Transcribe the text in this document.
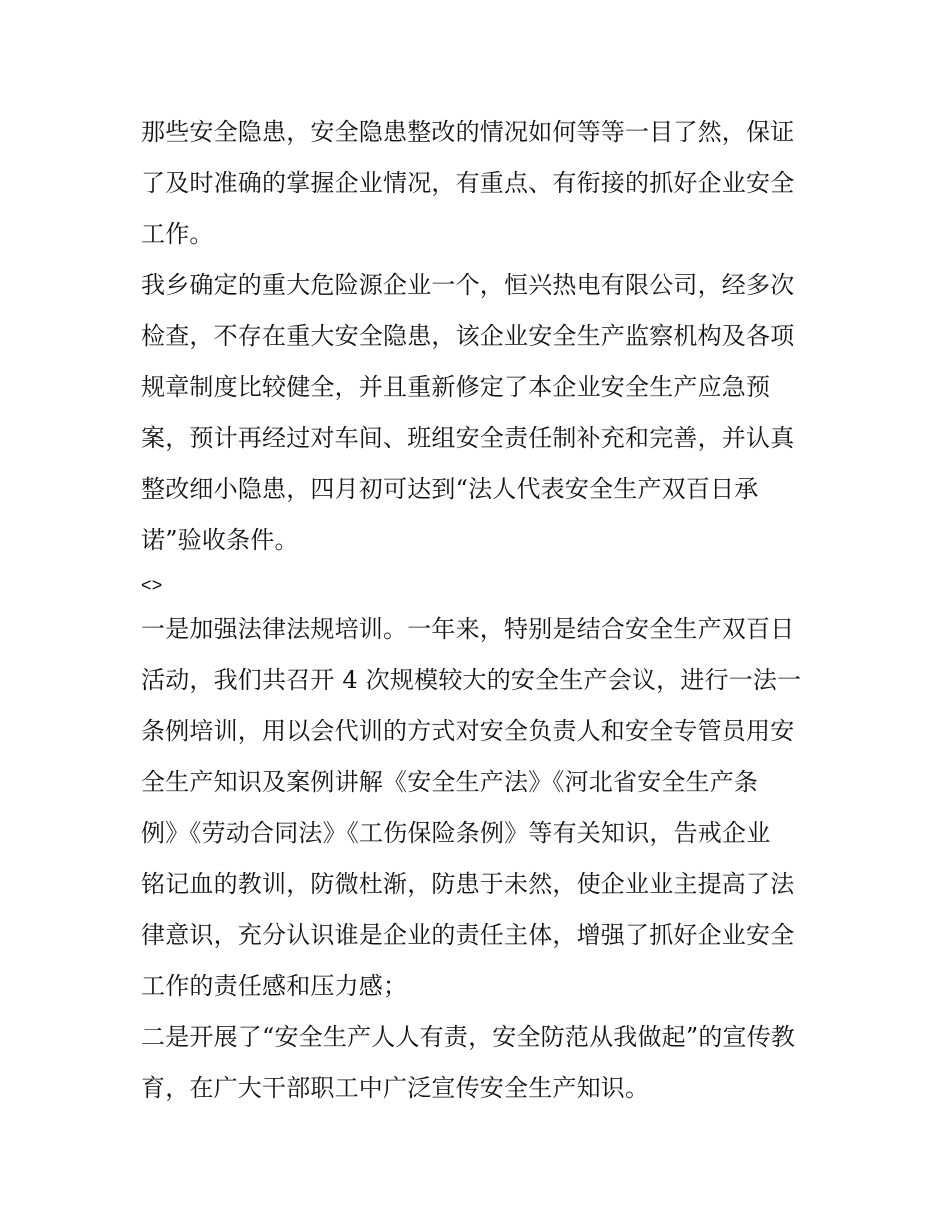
那些安全隐患，安全隐患整改的情况如何等等一目了然，保证
了及时准确的掌握企业情况，有重点、有衔接的抓好企业安全
工作。
我乡确定的重大危险源企业一个，恒兴热电有限公司，经多次
检查，不存在重大安全隐患，该企业安全生产监察机构及各项
规章制度比较健全，并且重新修定了本企业安全生产应急预
案，预计再经过对车间、班组安全责任制补充和完善，并认真
整改细小隐患，四月初可达到“法人代表安全生产双百日承
诺”验收条件。
<>
一是加强法律法规培训。一年来，特别是结合安全生产双百日
活动，我们共召开 4 次规模较大的安全生产会议，进行一法一
条例培训，用以会代训的方式对安全负责人和安全专管员用安
全生产知识及案例讲解《安全生产法》《河北省安全生产条
例》《劳动合同法》《工伤保险条例》等有关知识，告戒企业
铭记血的教训，防微杜渐，防患于未然，使企业业主提高了法
律意识，充分认识谁是企业的责任主体，增强了抓好企业安全
工作的责任感和压力感；
二是开展了“安全生产人人有责，安全防范从我做起”的宣传教
育，在广大干部职工中广泛宣传安全生产知识。
